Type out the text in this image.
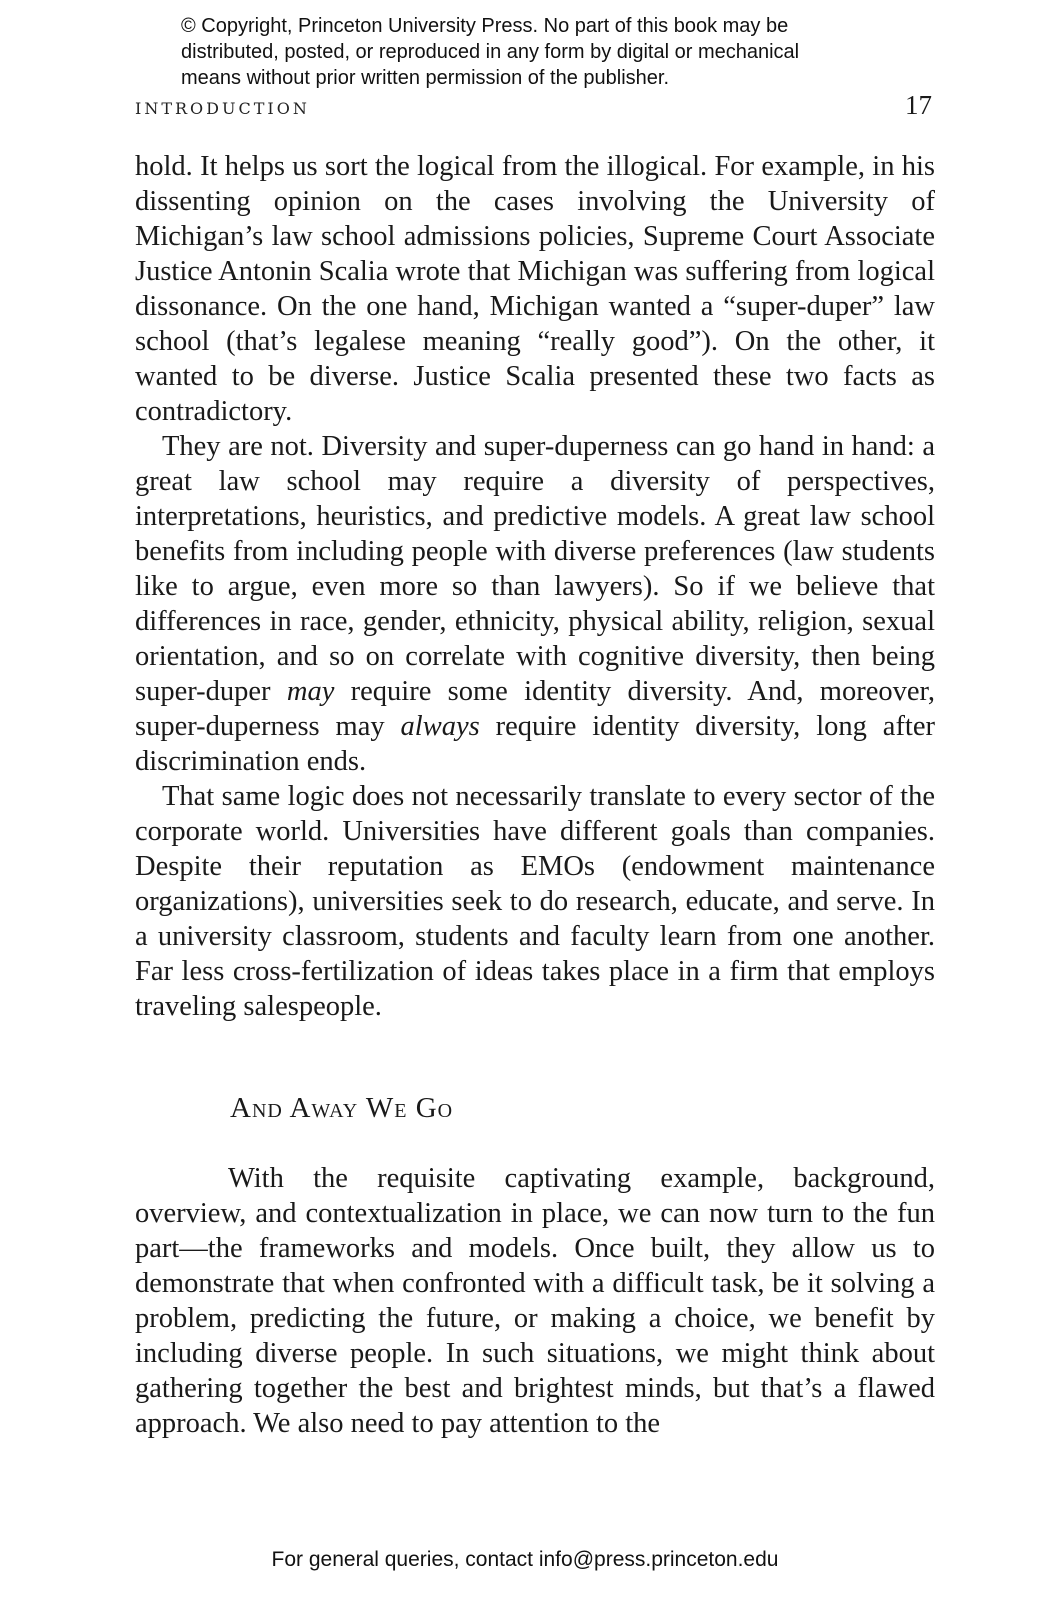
© Copyright, Princeton University Press. No part of this book may be
distributed, posted, or reproduced in any form by digital or mechanical
means without prior written permission of the publisher.
INTRODUCTION	17

hold. It helps us sort the logical from the illogical. For example, in his dissenting opinion on the cases involving the University of Michigan’s law school admissions policies, Supreme Court Associate Justice Antonin Scalia wrote that Michigan was suffering from logical dissonance. On the one hand, Michigan wanted a “super-duper” law school (that’s legalese meaning “really good”). On the other, it wanted to be diverse. Justice Scalia presented these two facts as contradictory.

They are not. Diversity and super-duperness can go hand in hand: a great law school may require a diversity of perspectives, interpretations, heuristics, and predictive models. A great law school benefits from including people with diverse preferences (law students like to argue, even more so than lawyers). So if we believe that differences in race, gender, ethnicity, physical ability, religion, sexual orientation, and so on correlate with cognitive diversity, then being super-duper may require some identity diversity. And, moreover, super-duperness may always require identity diversity, long after discrimination ends.

That same logic does not necessarily translate to every sector of the corporate world. Universities have different goals than companies. Despite their reputation as EMOs (endowment maintenance organizations), universities seek to do research, educate, and serve. In a university classroom, students and faculty learn from one another. Far less cross-fertilization of ideas takes place in a firm that employs traveling salespeople.

And Away We Go

With the requisite captivating example, background, overview, and contextualization in place, we can now turn to the fun part—the frameworks and models. Once built, they allow us to demonstrate that when confronted with a difficult task, be it solving a problem, predicting the future, or making a choice, we benefit by including diverse people. In such situations, we might think about gathering together the best and brightest minds, but that’s a flawed approach. We also need to pay attention to the

For general queries, contact info@press.princeton.edu
